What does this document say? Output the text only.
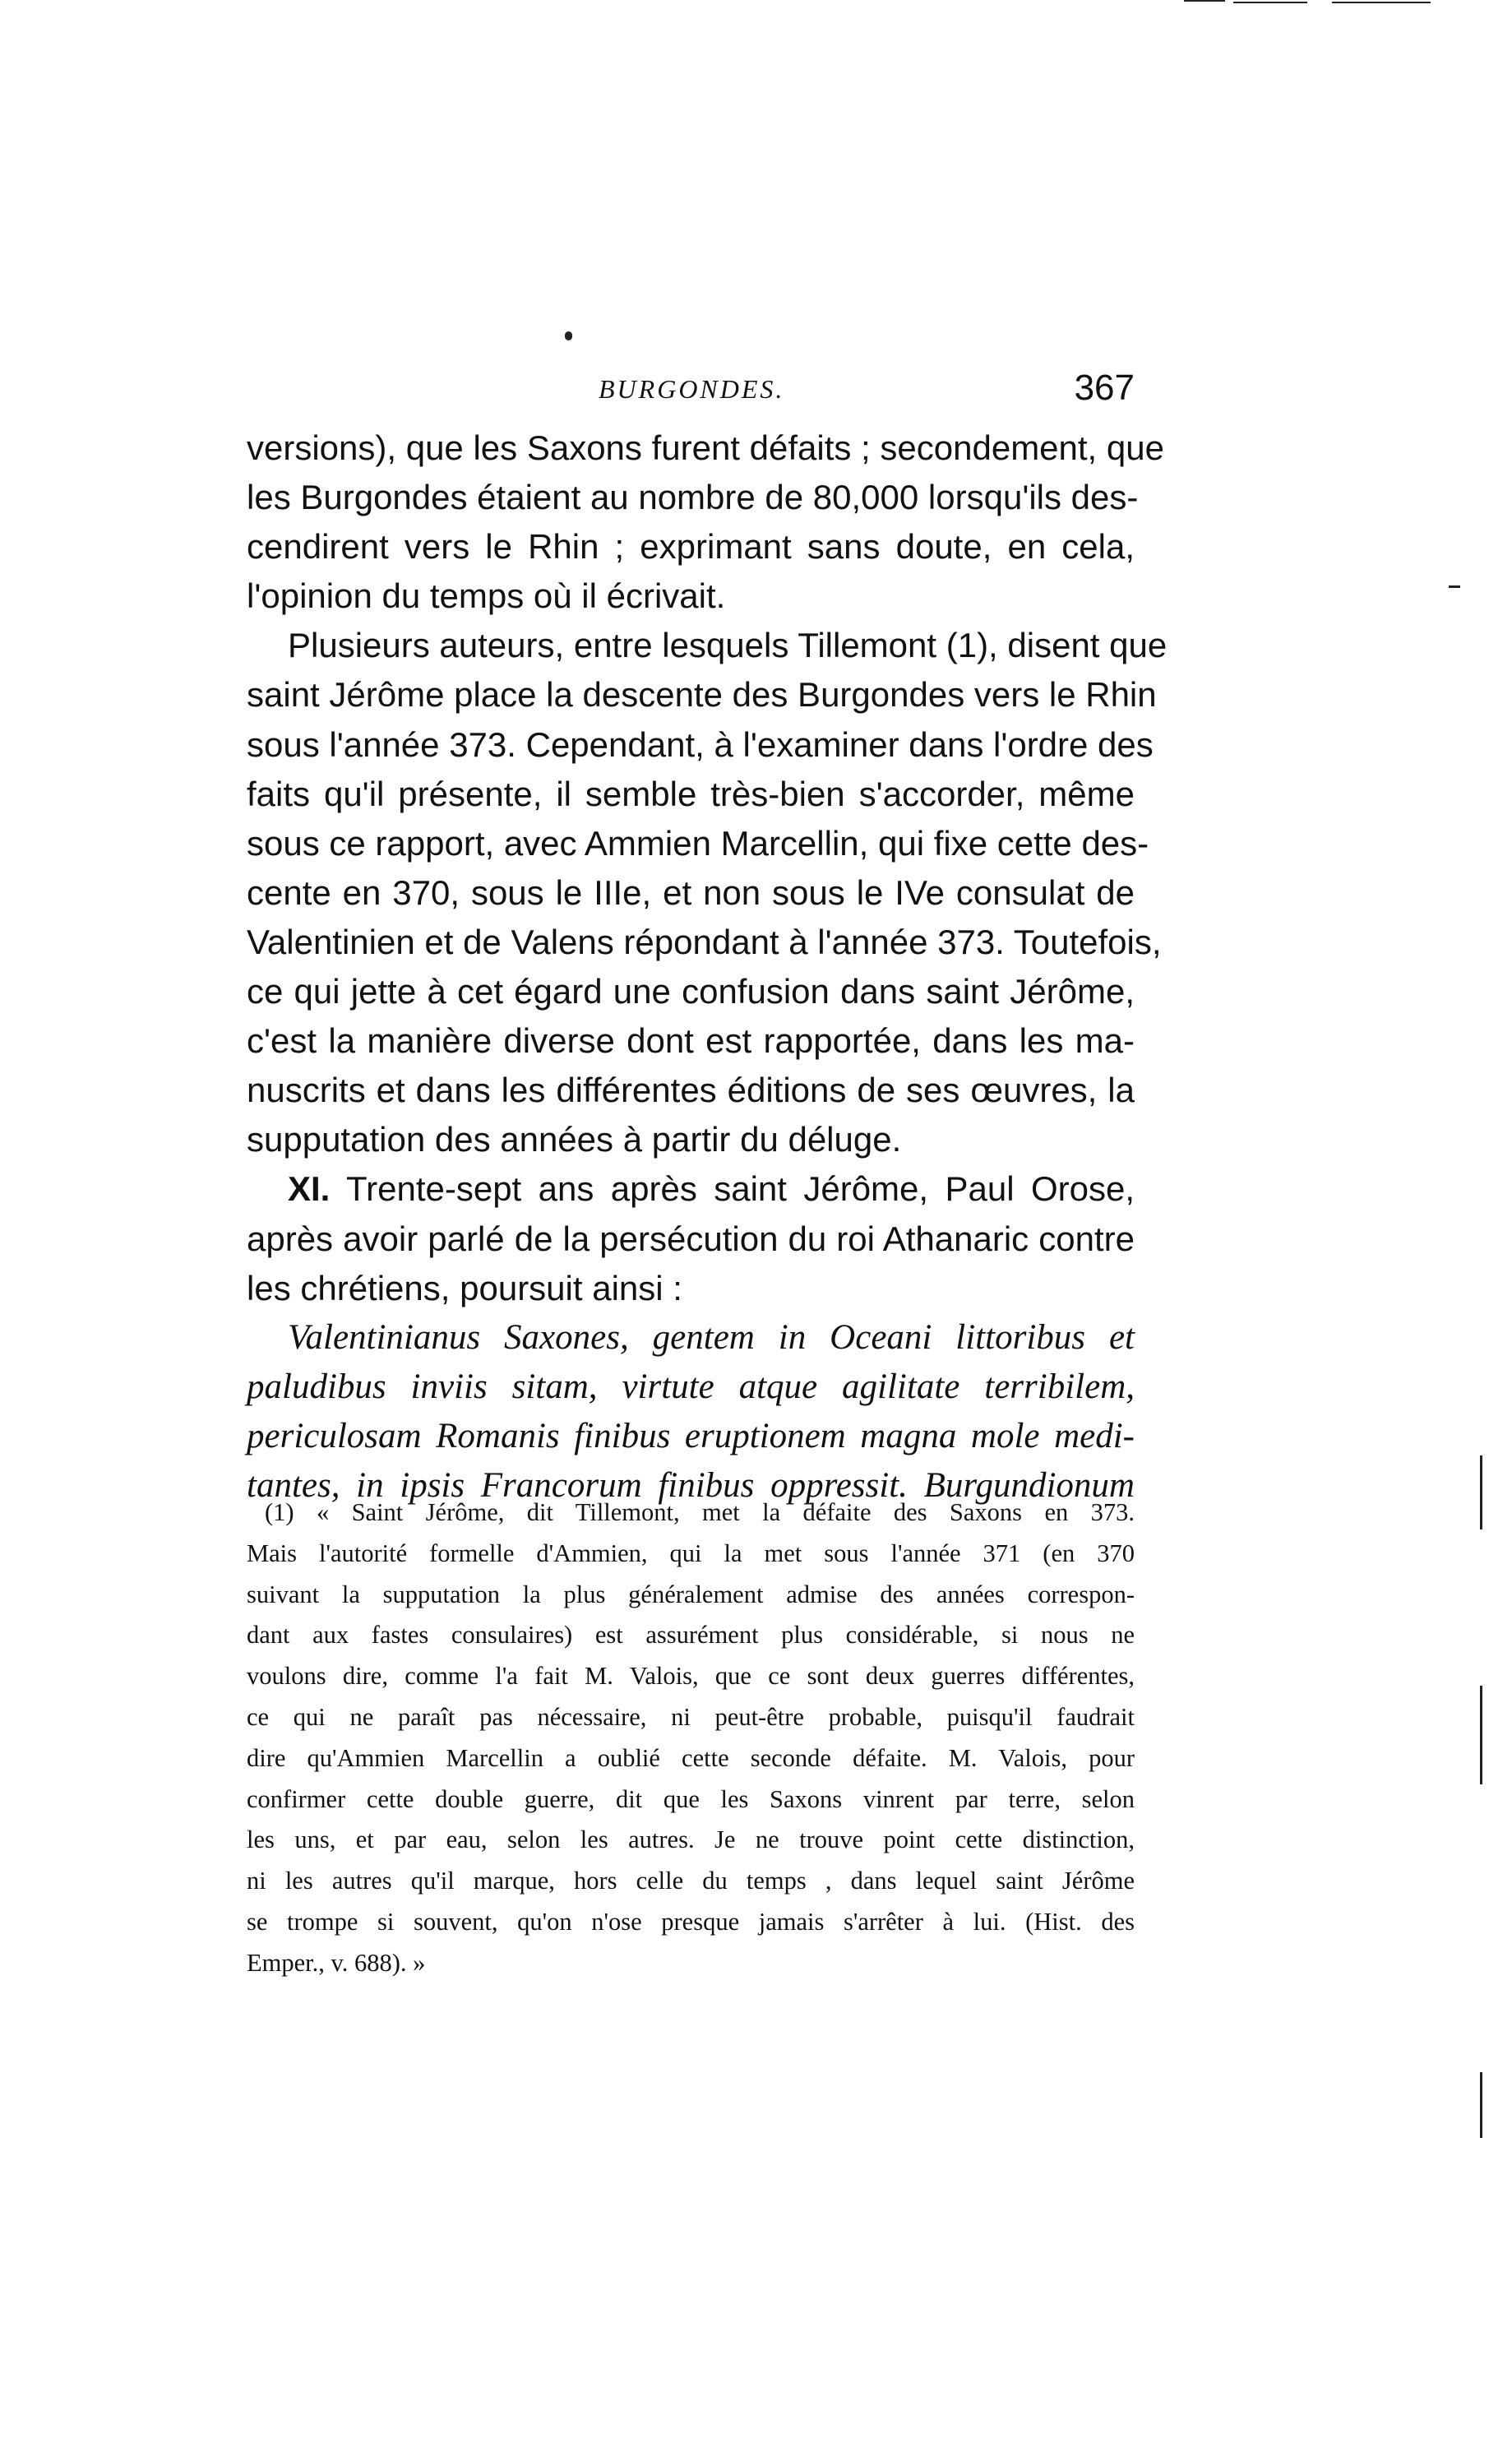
BURGONDES.	367
versions), que les Saxons furent défaits ; secondement, que
les Burgondes étaient au nombre de 80,000 lorsqu'ils des-
cendirent vers le Rhin ; exprimant sans doute, en cela,
l'opinion du temps où il écrivait.
Plusieurs auteurs, entre lesquels Tillemont (1), disent que
saint Jérôme place la descente des Burgondes vers le Rhin
sous l'année 373. Cependant, à l'examiner dans l'ordre des
faits qu'il présente, il semble très-bien s'accorder, même
sous ce rapport, avec Ammien Marcellin, qui fixe cette des-
cente en 370, sous le IIIe, et non sous le IVe consulat de
Valentinien et de Valens répondant à l'année 373. Toutefois,
ce qui jette à cet égard une confusion dans saint Jérôme,
c'est la manière diverse dont est rapportée, dans les ma-
nuscrits et dans les différentes éditions de ses œuvres, la
supputation des années à partir du déluge.
XI. Trente-sept ans après saint Jérôme, Paul Orose,
après avoir parlé de la persécution du roi Athanaric contre
les chrétiens, poursuit ainsi :
Valentinianus Saxones, gentem in Oceani littoribus et
paludibus inviis sitam, virtute atque agilitate terribilem,
periculosam Romanis finibus eruptionem magna mole medi-
tantes, in ipsis Francorum finibus oppressit. Burgundionum
(1) « Saint Jérôme, dit Tillemont, met la défaite des Saxons en 373.
Mais l'autorité formelle d'Ammien, qui la met sous l'année 371 (en 370
suivant la supputation la plus généralement admise des années correspon-
dant aux fastes consulaires) est assurément plus considérable, si nous ne
voulons dire, comme l'a fait M. Valois, que ce sont deux guerres différentes,
ce qui ne paraît pas nécessaire, ni peut-être probable, puisqu'il faudrait
dire qu'Ammien Marcellin a oublié cette seconde défaite. M. Valois, pour
confirmer cette double guerre, dit que les Saxons vinrent par terre, selon
les uns, et par eau, selon les autres. Je ne trouve point cette distinction,
ni les autres qu'il marque, hors celle du temps , dans lequel saint Jérôme
se trompe si souvent, qu'on n'ose presque jamais s'arrêter à lui. (Hist. des
Emper., v. 688). »
